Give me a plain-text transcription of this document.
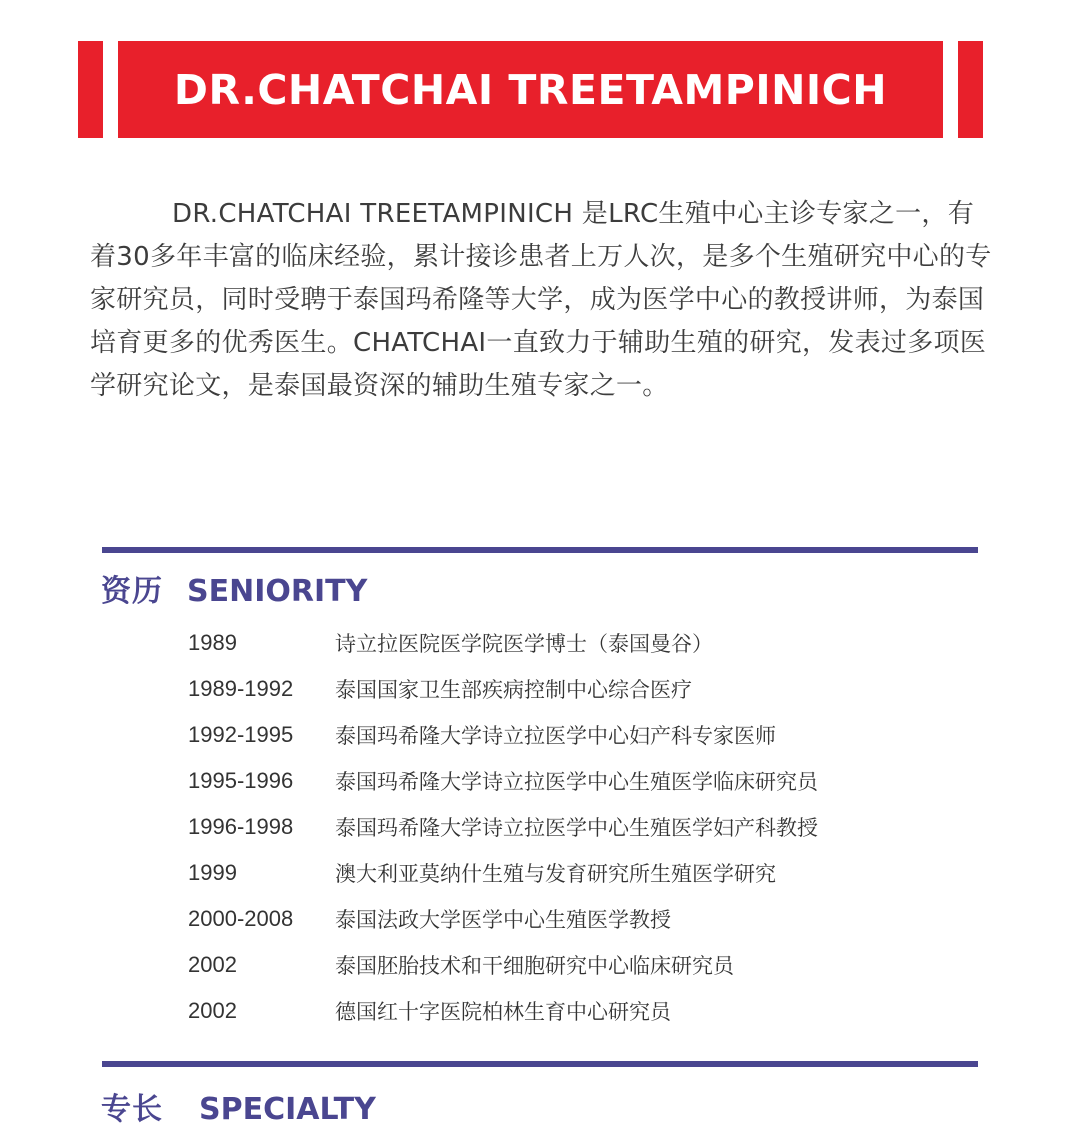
DR.CHATCHAI TREETAMPINICH

DR.CHATCHAI TREETAMPINICH 是LRC生殖中心主诊专家之一，有着30多年丰富的临床经验，累计接诊患者上万人次，是多个生殖研究中心的专家研究员，同时受聘于泰国玛希隆等大学，成为医学中心的教授讲师，为泰国培育更多的优秀医生。CHATCHAI一直致力于辅助生殖的研究，发表过多项医学研究论文，是泰国最资深的辅助生殖专家之一。

资历 SENIORITY
1989	诗立拉医院医学院医学博士（泰国曼谷）
1989-1992	泰国国家卫生部疾病控制中心综合医疗
1992-1995	泰国玛希隆大学诗立拉医学中心妇产科专家医师
1995-1996	泰国玛希隆大学诗立拉医学中心生殖医学临床研究员
1996-1998	泰国玛希隆大学诗立拉医学中心生殖医学妇产科教授
1999	澳大利亚莫纳什生殖与发育研究所生殖医学研究
2000-2008	泰国法政大学医学中心生殖医学教授
2002	泰国胚胎技术和干细胞研究中心临床研究员
2002	德国红十字医院柏林生育中心研究员
专长 SPECIALTY
